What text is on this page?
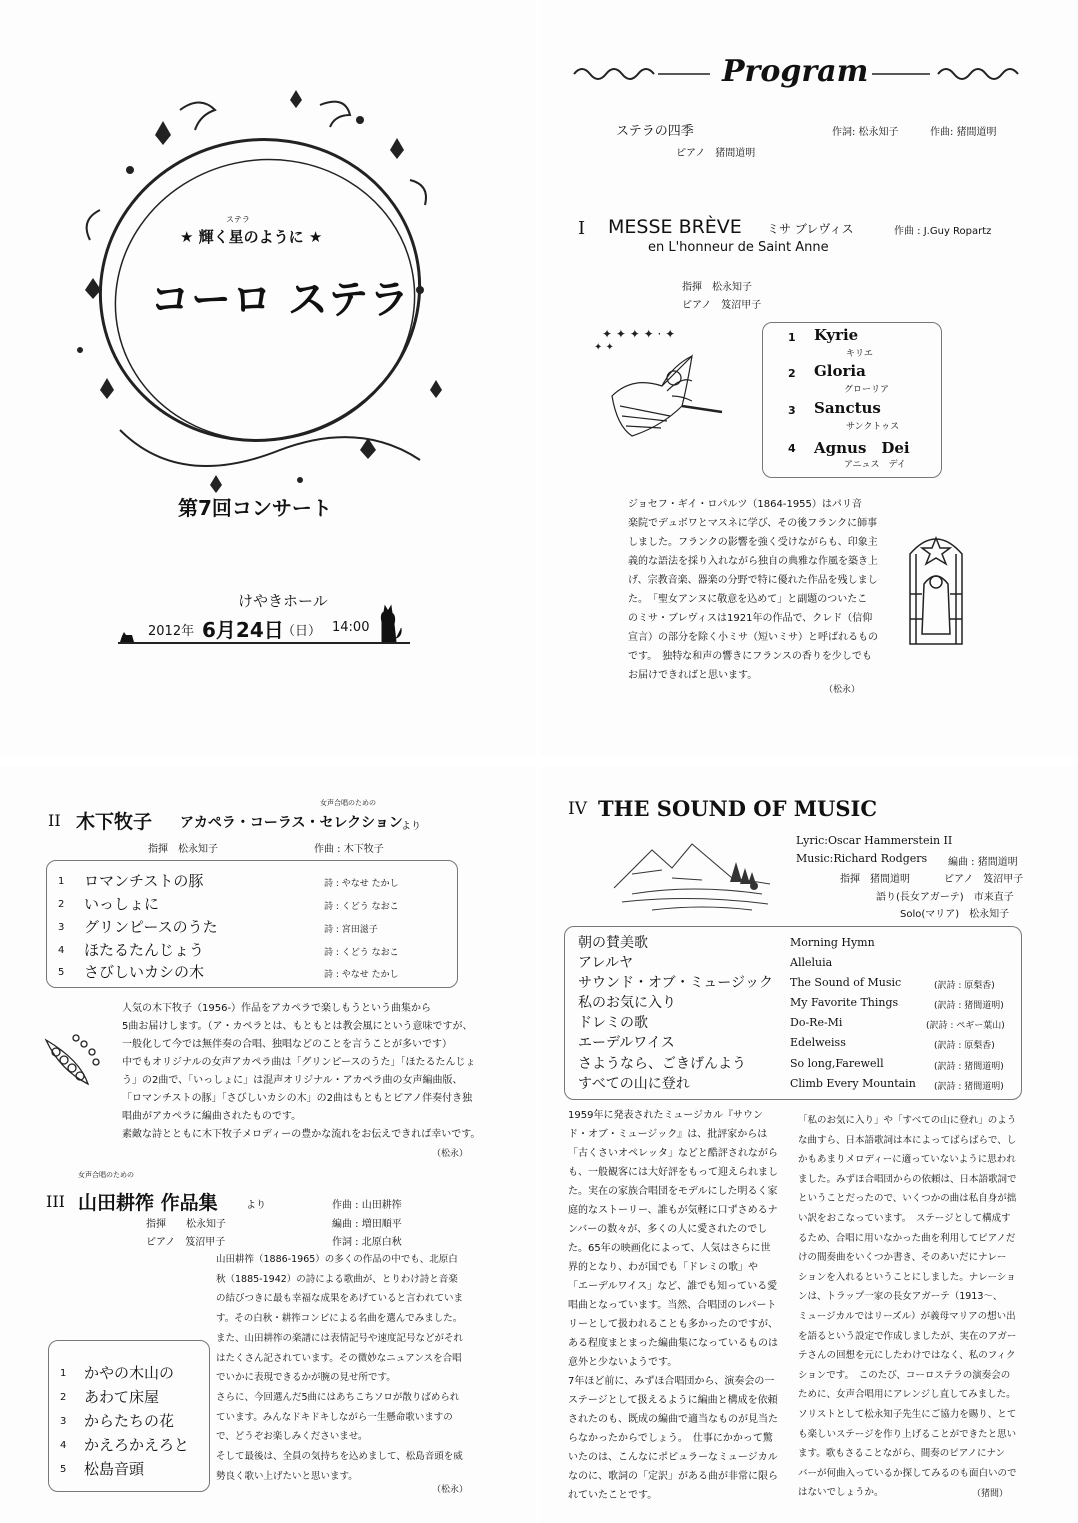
ステラ
★ 輝く星のように ★
コーロ ステラ
第7回コンサート
けやきホール
2012年 6月24日
（日） 14:00
Program
ステラの四季	作詞: 松永知子	作曲: 猪間道明
ピアノ　猪間道明
I MESSE BRÈVE ミサ ブレヴィス	作曲 : J.Guy Ropartz
en L'honneur de Saint Anne
指揮　松永知子
ピアノ　笈沼甲子
✦ ✦ ✦ ✦ · ✦
✦ ✦
1 Kyrie
キリエ
2 Gloria
グローリア
3 Sanctus
サンクトゥス
4 Agnus　Dei
アニュス　デイ
ジョセフ・ギイ・ロパルツ（1864-1955）はパリ音
楽院でデュボワとマスネに学び、その後フランクに師事
しました。フランクの影響を強く受けながらも、印象主
義的な語法を採り入れながら独自の典雅な作風を築き上
げ、宗教音楽、器楽の分野で特に優れた作品を残しまし
た。　「聖女アンヌに敬意を込めて」と副題のついたこ
のミサ・ブレヴィスは1921年の作品で、クレド（信仰
宣言）の部分を除く小ミサ（短いミサ）と呼ばれるもの
です。　独特な和声の響きにフランスの香りを少しでも
お届けできればと思います。
（松永）
II 木下牧子
女声合唱のための
アカペラ・コーラス・セレクション
より
指揮　松永知子	作曲 : 木下牧子
1 ロマンチストの豚	詩 : やなせ たかし
2 いっしょに	詩 : くどう なおこ
3 グリンピースのうた	詩 : 宮田滋子
4 ほたるたんじょう	詩 : くどう なおこ
5 さびしいカシの木	詩 : やなせ たかし
人気の木下牧子（1956-）作品をアカペラで楽しもうという曲集から
5曲お届けします。（ア・カペラとは、もともとは教会風にという意味ですが、
一般化して今では無伴奏の合唱、独唱などのことを言うことが多いです）
中でもオリジナルの女声アカペラ曲は「グリンピースのうた」「ほたるたんじょ
う」の2曲で、「いっしょに」は混声オリジナル・アカペラ曲の女声編曲版、
「ロマンチストの豚」「さびしいカシの木」の2曲はもともとピアノ伴奏付き独
唱曲がアカペラに編曲されたものです。
素敵な詩とともに木下牧子メロディーの豊かな流れをお伝えできれば幸いです。
（松永）
女声合唱のための
III 山田耕筰 作品集	より	作曲 : 山田耕筰
指揮　　松永知子	編曲 : 増田順平
ピアノ　笈沼甲子	作詞 : 北原白秋
1 かやの木山の
2 あわて床屋
3 からたちの花
4 かえろかえろと
5 松島音頭
IV THE SOUND OF MUSIC
Lyric:Oscar Hammerstein II
Music:Richard Rodgers 編曲 : 猪間道明
指揮　猪間道明	ピアノ　笈沼甲子
語り(長女アガーテ)　市来直子
Solo(マリア)　松永知子
朝の賛美歌	Morning Hymn
アレルヤ	Alleluia
サウンド・オブ・ミュージック The Sound of Music	(訳詩 : 原梨香)
私のお気に入り	My Favorite Things	(訳詩 : 猪間道明)
ドレミの歌	Do-Re-Mi	(訳詩 : ペギー葉山)
エーデルワイス	Edelweiss	(訳詩 : 原梨香)
さようなら、ごきげんよう	So long,Farewell	(訳詩 : 猪間道明)
すべての山に登れ	Climb Every Mountain (訳詩 : 猪間道明)
1959年に発表されたミュージカル『サウン
ド・オブ・ミュージック』は、批評家からは
「古くさいオペレッタ」などと酷評されながら
も、一般観客には大好評をもって迎えられまし
た。実在の家族合唱団をモデルにした明るく家
庭的なストーリー、誰もが気軽に口ずさめるナ
ンバーの数々が、多くの人に愛されたのでし
た。65年の映画化によって、人気はさらに世
界的となり、わが国でも「ドレミの歌」や
「エーデルワイス」など、誰でも知っている愛
唱曲となっています。当然、合唱団のレパート
リーとして扱われることも多かったのですが、
ある程度まとまった編曲集になっているものは
意外と少ないようです。
7年ほど前に、みずほ合唱団から、演奏会の一
ステージとして扱えるように編曲と構成を依頼
されたのも、既成の編曲で適当なものが見当た
らなかったからでしょう。　仕事にかかって驚
いたのは、こんなにポピュラーなミュージカル
なのに、歌詞の「定訳」がある曲が非常に限ら
れていたことです。
「私のお気に入り」や「すべての山に登れ」のよう
な曲すら、日本語歌詞は本によってばらばらで、し
かもあまりメロディーに適っていないように思われ
ました。みずほ合唱団からの依頼は、日本語歌詞で
ということだったので、いくつかの曲は私自身が拙
い訳をおこなっています。　ステージとして構成す
るため、合唱に用いなかった曲を利用してピアノだ
けの間奏曲をいくつか書き、そのあいだにナレー
ションを入れるということにしました。ナレーショ
ンは、トラップ一家の長女アガーテ（1913～、
ミュージカルではリーズル）が義母マリアの想い出
を語るという設定で作成しましたが、実在のアガー
テさんの回想を元にしたわけではなく、私のフィク
ションです。　このたび、コーロステラの演奏会の
ために、女声合唱用にアレンジし直してみました。
ソリストとして松永知子先生にご協力を賜り、とて
も楽しいステージを作り上げることができたと思い
ます。歌もさることながら、間奏のピアノにナン
バーが何曲入っているか探してみるのも面白いので
はないでしょうか。	（猪間）
山田耕筰（1886-1965）の多くの作品の中でも、北原白
秋（1885-1942）の詩による歌曲が、とりわけ詩と音楽
の結びつきに最も幸福な成果をあげていると言われていま
す。その白秋・耕筰コンビによる名曲を選んでみました。
また、山田耕筰の楽譜には表情記号や速度記号などがそれ
はたくさん記されています。その微妙なニュアンスを合唱
でいかに表現できるかが腕の見せ所です。
さらに、今回選んだ5曲にはあちこちソロが散りばめられ
ています。みんなドキドキしながら一生懸命歌いますの
で、どうぞお楽しみくださいませ。
そして最後は、全員の気持ちを込めまして、松島音頭を威
勢良く歌い上げたいと思います。
（松永）
